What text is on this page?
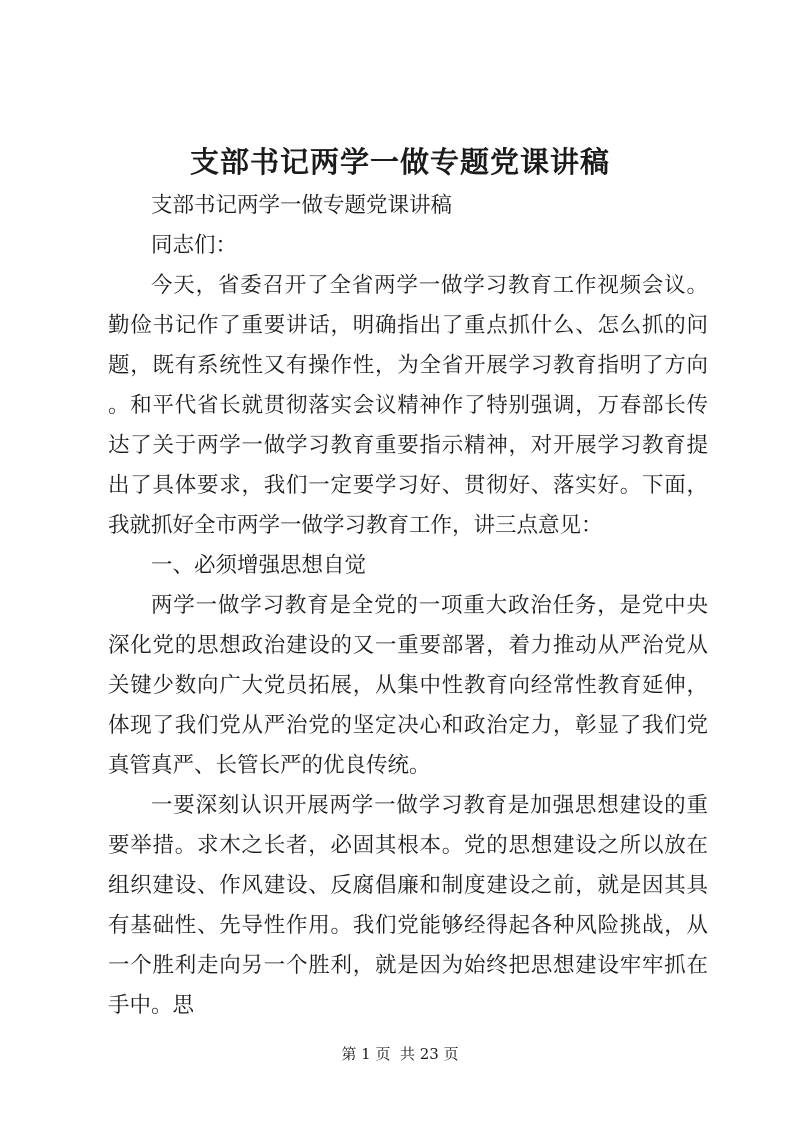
支部书记两学一做专题党课讲稿

支部书记两学一做专题党课讲稿

同志们：

今天，省委召开了全省两学一做学习教育工作视频会议。勤俭书记作了重要讲话，明确指出了重点抓什么、怎么抓的问题，既有系统性又有操作性，为全省开展学习教育指明了方向。和平代省长就贯彻落实会议精神作了特别强调，万春部长传达了关于两学一做学习教育重要指示精神，对开展学习教育提出了具体要求，我们一定要学习好、贯彻好、落实好。下面，我就抓好全市两学一做学习教育工作，讲三点意见：

一、必须增强思想自觉

两学一做学习教育是全党的一项重大政治任务，是党中央深化党的思想政治建设的又一重要部署，着力推动从严治党从关键少数向广大党员拓展，从集中性教育向经常性教育延伸，体现了我们党从严治党的坚定决心和政治定力，彰显了我们党真管真严、长管长严的优良传统。

一要深刻认识开展两学一做学习教育是加强思想建设的重要举措。求木之长者，必固其根本。党的思想建设之所以放在组织建设、作风建设、反腐倡廉和制度建设之前，就是因其具有基础性、先导性作用。我们党能够经得起各种风险挑战，从一个胜利走向另一个胜利，就是因为始终把思想建设牢牢抓在手中。思

第 1 页  共 23 页
